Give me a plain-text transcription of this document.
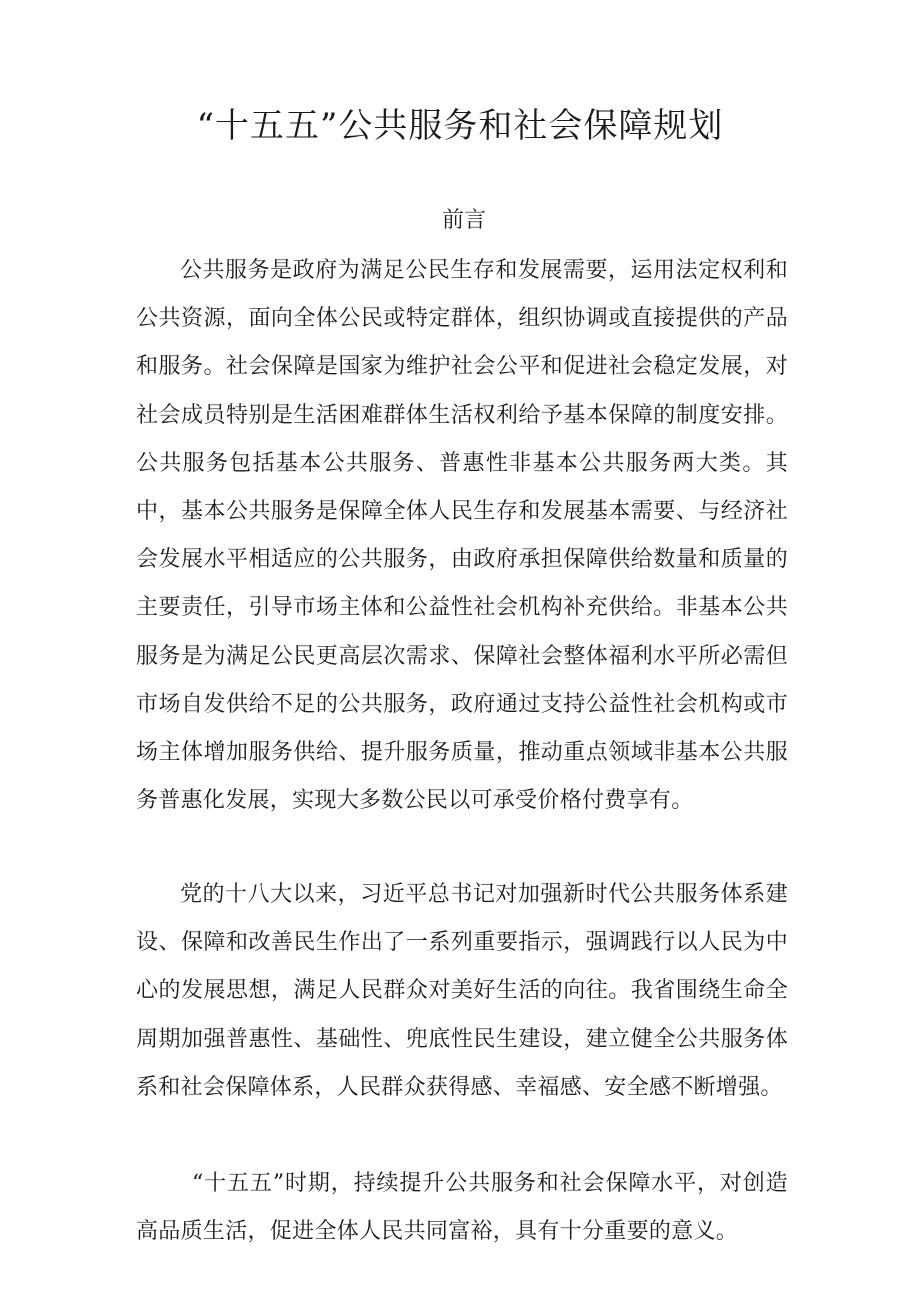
“十五五”公共服务和社会保障规划
前言

公共服务是政府为满足公民生存和发展需要，运用法定权利和公共资源，面向全体公民或特定群体，组织协调或直接提供的产品和服务。社会保障是国家为维护社会公平和促进社会稳定发展，对社会成员特别是生活困难群体生活权利给予基本保障的制度安排。公共服务包括基本公共服务、普惠性非基本公共服务两大类。其中，基本公共服务是保障全体人民生存和发展基本需要、与经济社会发展水平相适应的公共服务，由政府承担保障供给数量和质量的主要责任，引导市场主体和公益性社会机构补充供给。非基本公共服务是为满足公民更高层次需求、保障社会整体福利水平所必需但市场自发供给不足的公共服务，政府通过支持公益性社会机构或市场主体增加服务供给、提升服务质量，推动重点领域非基本公共服务普惠化发展，实现大多数公民以可承受价格付费享有。

党的十八大以来，习近平总书记对加强新时代公共服务体系建设、保障和改善民生作出了一系列重要指示，强调践行以人民为中心的发展思想，满足人民群众对美好生活的向往。我省围绕生命全周期加强普惠性、基础性、兜底性民生建设，建立健全公共服务体系和社会保障体系，人民群众获得感、幸福感、安全感不断增强。

“十五五”时期，持续提升公共服务和社会保障水平，对创造高品质生活，促进全体人民共同富裕，具有十分重要的意义。
